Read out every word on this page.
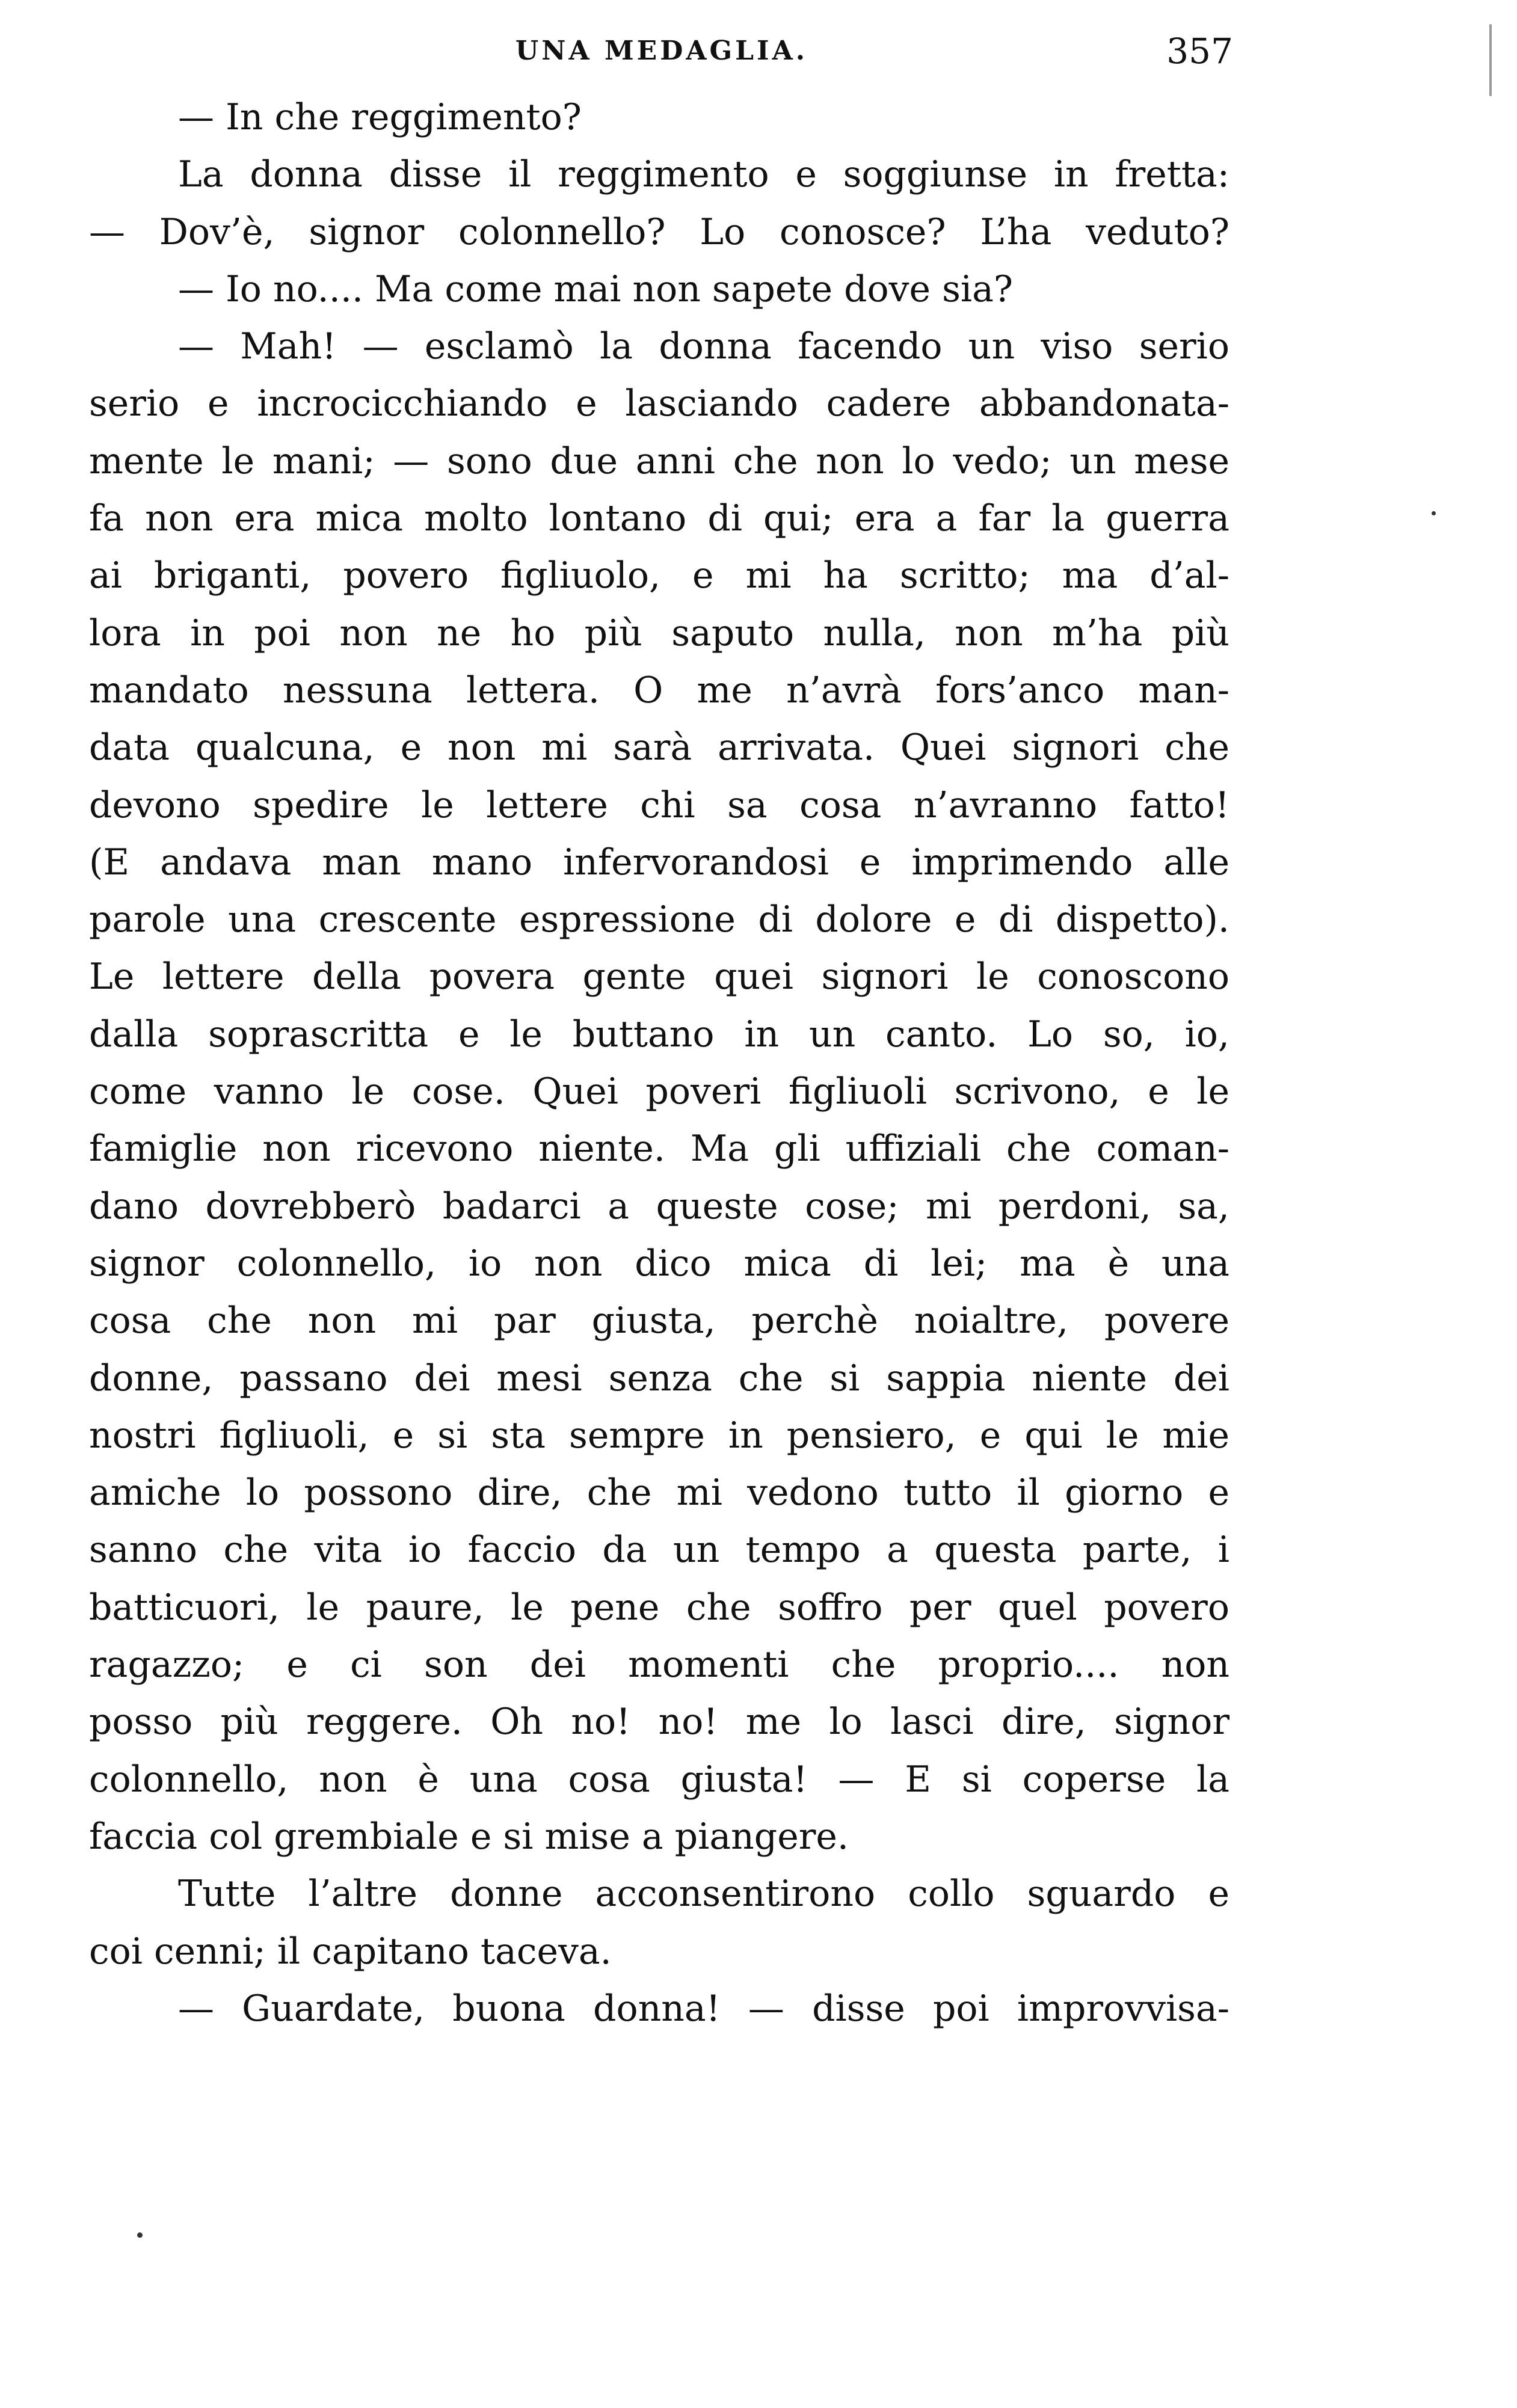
UNA MEDAGLIA.	357
— In che reggimento?
La donna disse il reggimento e soggiunse in fretta:
— Dov’è, signor colonnello? Lo conosce? L’ha veduto?
— Io no.... Ma come mai non sapete dove sia?
— Mah! — esclamò la donna facendo un viso serio
serio e incrocicchiando e lasciando cadere abbandonata-
mente le mani; — sono due anni che non lo vedo; un mese
fa non era mica molto lontano di qui; era a far la guerra
ai briganti, povero figliuolo, e mi ha scritto; ma d’al-
lora in poi non ne ho più saputo nulla, non m’ha più
mandato nessuna lettera. O me n’avrà fors’anco man-
data qualcuna, e non mi sarà arrivata. Quei signori che
devono spedire le lettere chi sa cosa n’avranno fatto!
(E andava man mano infervorandosi e imprimendo alle
parole una crescente espressione di dolore e di dispetto).
Le lettere della povera gente quei signori le conoscono
dalla soprascritta e le buttano in un canto. Lo so, io,
come vanno le cose. Quei poveri figliuoli scrivono, e le
famiglie non ricevono niente. Ma gli uffiziali che coman-
dano dovrebberò badarci a queste cose; mi perdoni, sa,
signor colonnello, io non dico mica di lei; ma è una
cosa che non mi par giusta, perchè noialtre, povere
donne, passano dei mesi senza che si sappia niente dei
nostri figliuoli, e si sta sempre in pensiero, e qui le mie
amiche lo possono dire, che mi vedono tutto il giorno e
sanno che vita io faccio da un tempo a questa parte, i
batticuori, le paure, le pene che soffro per quel povero
ragazzo; e ci son dei momenti che proprio.... non
posso più reggere. Oh no! no! me lo lasci dire, signor
colonnello, non è una cosa giusta! — E si coperse la
faccia col grembiale e si mise a piangere.
Tutte l’altre donne acconsentirono collo sguardo e
coi cenni; il capitano taceva.
— Guardate, buona donna! — disse poi improvvisa-
